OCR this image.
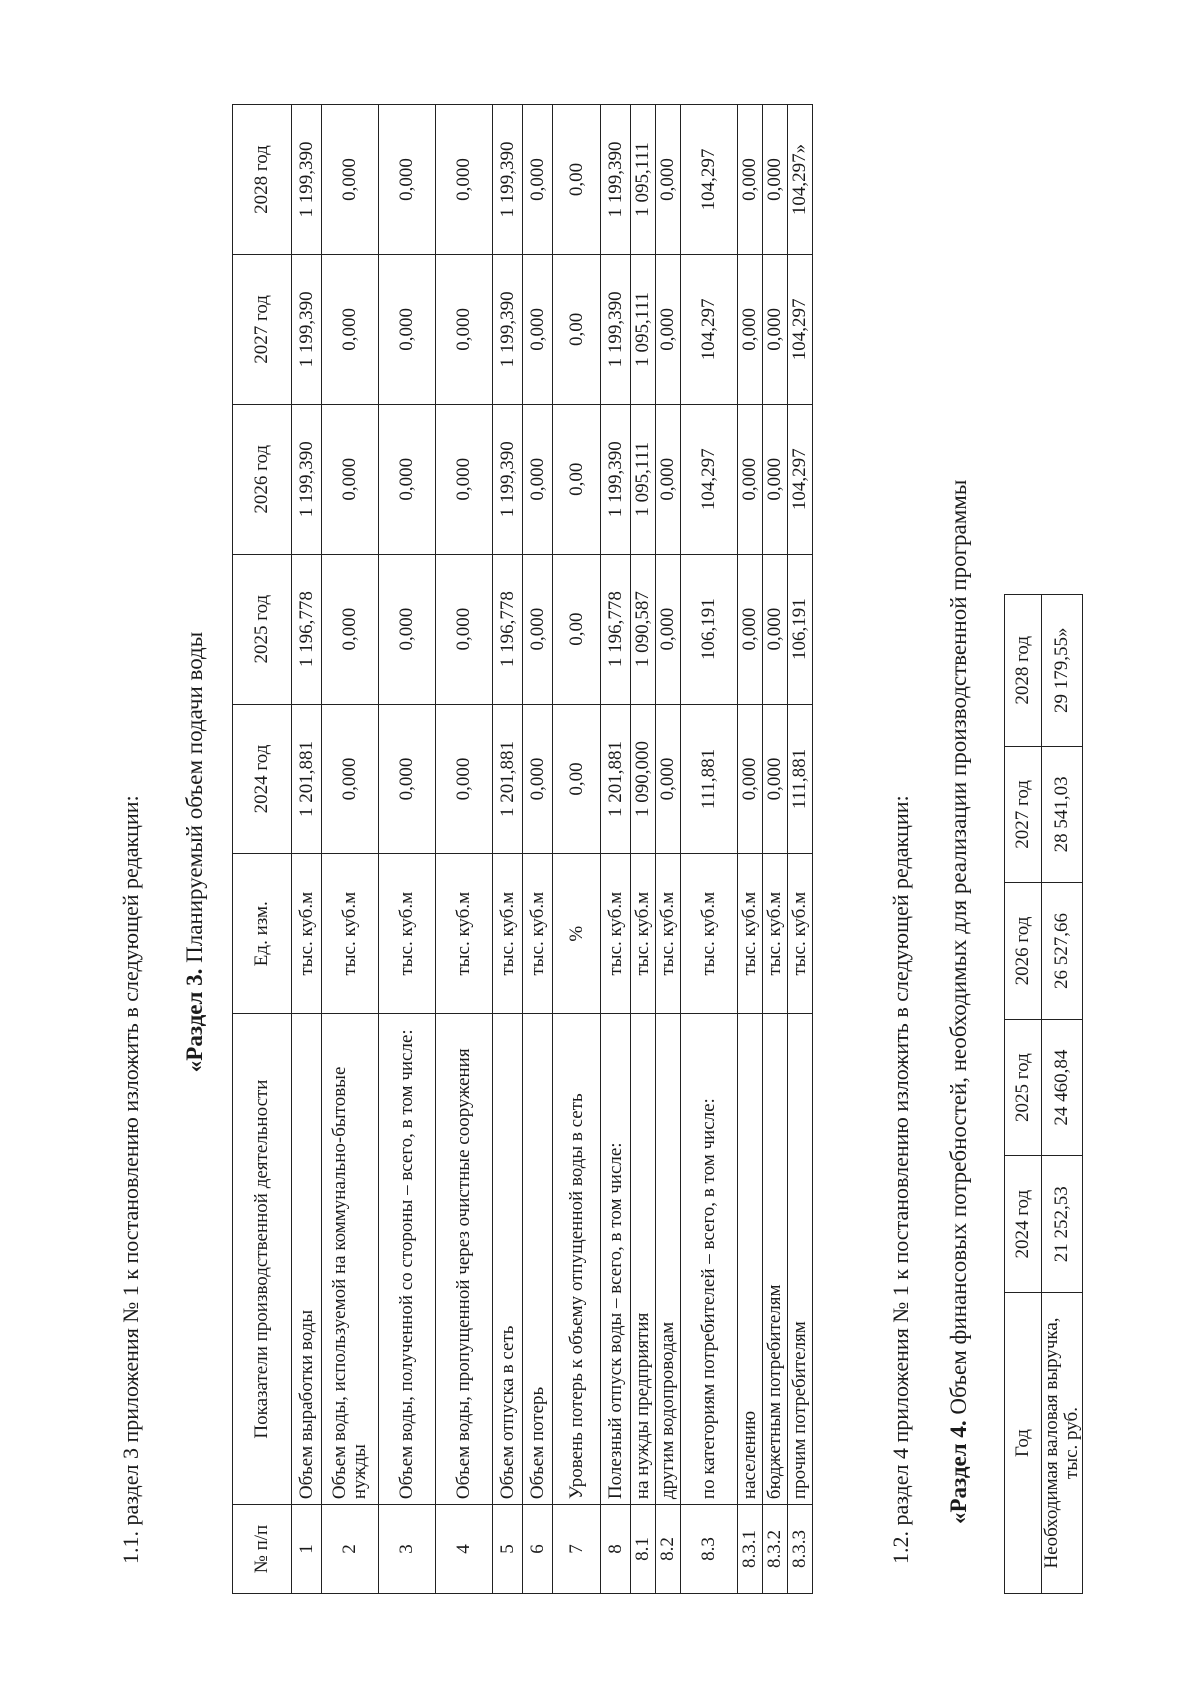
1.1. раздел 3 приложения № 1 к постановлению изложить в следующей редакции: «Раздел 3. Планируемый объем подачи воды
№ п/п	Показатели производственной деятельности	Ед. изм.	2024 год	2025 год	2026 год	2027 год	2028 год
1	Объем выработки воды	тыс. куб.м	1 201,881	1 196,778	1 199,390	1 199,390	1 199,390
2	Объем воды, используемой на коммунально-бытовые нужды	тыс. куб.м	0,000	0,000	0,000	0,000	0,000
3	Объем воды, полученной со стороны – всего, в том числе:	тыс. куб.м	0,000	0,000	0,000	0,000	0,000
4	Объем воды, пропущенной через очистные сооружения	тыс. куб.м	0,000	0,000	0,000	0,000	0,000
5	Объем отпуска в сеть	тыс. куб.м	1 201,881	1 196,778	1 199,390	1 199,390	1 199,390
6	Объем потерь	тыс. куб.м	0,000	0,000	0,000	0,000	0,000
7	Уровень потерь к объему отпущенной воды в сеть	%	0,00	0,00	0,00	0,00	0,00
8	Полезный отпуск воды – всего, в том числе:	тыс. куб.м	1 201,881	1 196,778	1 199,390	1 199,390	1 199,390
8.1	на нужды предприятия	тыс. куб.м	1 090,000	1 090,587	1 095,111	1 095,111	1 095,111
8.2	другим водопроводам	тыс. куб.м	0,000	0,000	0,000	0,000	0,000
8.3	по категориям потребителей – всего, в том числе:	тыс. куб.м	111,881	106,191	104,297	104,297	104,297
8.3.1	населению	тыс. куб.м	0,000	0,000	0,000	0,000	0,000
8.3.2	бюджетным потребителям	тыс. куб.м	0,000	0,000	0,000	0,000	0,000
8.3.3	прочим потребителям	тыс. куб.м	111,881	106,191	104,297	104,297	104,297»
1.2. раздел 4 приложения № 1 к постановлению изложить в следующей редакции: «Раздел 4. Объем финансовых потребностей, необходимых для реализации производственной программы
Год	2024 год	2025 год	2026 год	2027 год	2028 год
Необходимая валовая выручка, тыс. руб.	21 252,53	24 460,84	26 527,66	28 541,03	29 179,55»
